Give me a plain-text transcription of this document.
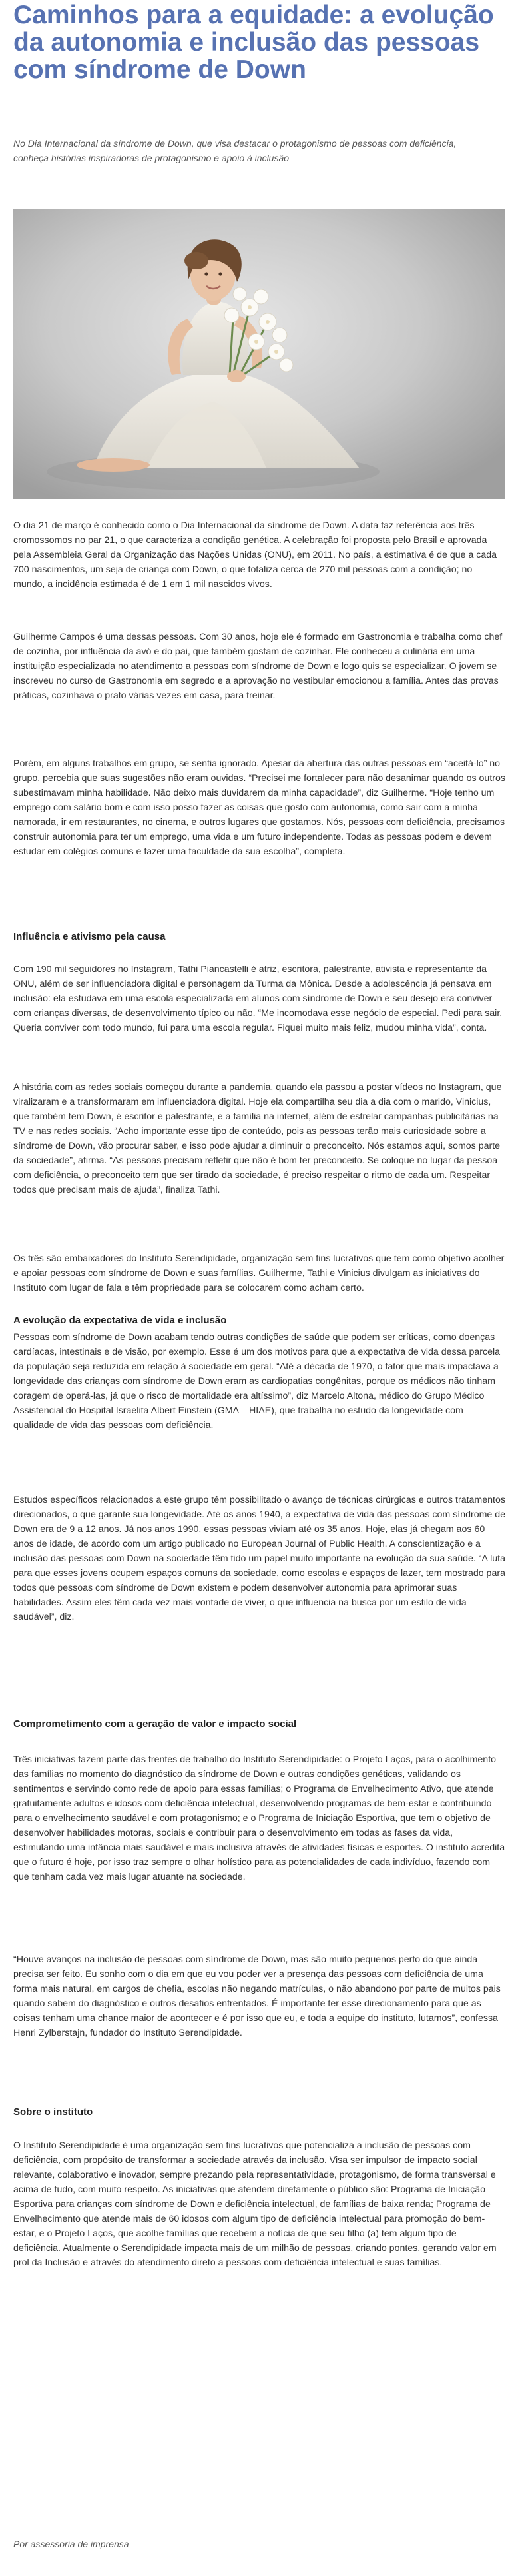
Caminhos para a equidade: a evolução da autonomia e inclusão das pessoas com síndrome de Down

No Dia Internacional da síndrome de Down, que visa destacar o protagonismo de pessoas com deficiência, conheça histórias inspiradoras de protagonismo e apoio à inclusão

O dia 21 de março é conhecido como o Dia Internacional da síndrome de Down. A data faz referência aos três cromossomos no par 21, o que caracteriza a condição genética. A celebração foi proposta pelo Brasil e aprovada pela Assembleia Geral da Organização das Nações Unidas (ONU), em 2011. No país, a estimativa é de que a cada 700 nascimentos, um seja de criança com Down, o que totaliza cerca de 270 mil pessoas com a condição; no mundo, a incidência estimada é de 1 em 1 mil nascidos vivos.

Guilherme Campos é uma dessas pessoas. Com 30 anos, hoje ele é formado em Gastronomia e trabalha como chef de cozinha, por influência da avó e do pai, que também gostam de cozinhar. Ele conheceu a culinária em uma instituição especializada no atendimento a pessoas com síndrome de Down e logo quis se especializar. O jovem se inscreveu no curso de Gastronomia em segredo e a aprovação no vestibular emocionou a família. Antes das provas práticas, cozinhava o prato várias vezes em casa, para treinar.

Porém, em alguns trabalhos em grupo, se sentia ignorado. Apesar da abertura das outras pessoas em “aceitá-lo” no grupo, percebia que suas sugestões não eram ouvidas. “Precisei me fortalecer para não desanimar quando os outros subestimavam minha habilidade. Não deixo mais duvidarem da minha capacidade”, diz Guilherme. “Hoje tenho um emprego com salário bom e com isso posso fazer as coisas que gosto com autonomia, como sair com a minha namorada, ir em restaurantes, no cinema, e outros lugares que gostamos. Nós, pessoas com deficiência, precisamos construir autonomia para ter um emprego, uma vida e um futuro independente. Todas as pessoas podem e devem estudar em colégios comuns e fazer uma faculdade da sua escolha”, completa.

Influência e ativismo pela causa

Com 190 mil seguidores no Instagram, Tathi Piancastelli é atriz, escritora, palestrante, ativista e representante da ONU, além de ser influenciadora digital e personagem da Turma da Mônica. Desde a adolescência já pensava em inclusão: ela estudava em uma escola especializada em alunos com síndrome de Down e seu desejo era conviver com crianças diversas, de desenvolvimento típico ou não. “Me incomodava esse negócio de especial. Pedi para sair. Queria conviver com todo mundo, fui para uma escola regular. Fiquei muito mais feliz, mudou minha vida”, conta.

A história com as redes sociais começou durante a pandemia, quando ela passou a postar vídeos no Instagram, que viralizaram e a transformaram em influenciadora digital. Hoje ela compartilha seu dia a dia com o marido, Vinicius, que também tem Down, é escritor e palestrante, e a família na internet, além de estrelar campanhas publicitárias na TV e nas redes sociais. “Acho importante esse tipo de conteúdo, pois as pessoas terão mais curiosidade sobre a síndrome de Down, vão procurar saber, e isso pode ajudar a diminuir o preconceito. Nós estamos aqui, somos parte da sociedade”, afirma. “As pessoas precisam refletir que não é bom ter preconceito. Se coloque no lugar da pessoa com deficiência, o preconceito tem que ser tirado da sociedade, é preciso respeitar o ritmo de cada um. Respeitar todos que precisam mais de ajuda”, finaliza Tathi.

Os três são embaixadores do Instituto Serendipidade, organização sem fins lucrativos que tem como objetivo acolher e apoiar pessoas com síndrome de Down e suas famílias. Guilherme, Tathi e Vinicius divulgam as iniciativas do Instituto com lugar de fala e têm propriedade para se colocarem como acham certo.

A evolução da expectativa de vida e inclusão

Pessoas com síndrome de Down acabam tendo outras condições de saúde que podem ser críticas, como doenças cardíacas, intestinais e de visão, por exemplo. Esse é um dos motivos para que a expectativa de vida dessa parcela da população seja reduzida em relação à sociedade em geral. “Até a década de 1970, o fator que mais impactava a longevidade das crianças com síndrome de Down eram as cardiopatias congênitas, porque os médicos não tinham coragem de operá-las, já que o risco de mortalidade era altíssimo”, diz Marcelo Altona, médico do Grupo Médico Assistencial do Hospital Israelita Albert Einstein (GMA – HIAE), que trabalha no estudo da longevidade com qualidade de vida das pessoas com deficiência.

Estudos específicos relacionados a este grupo têm possibilitado o avanço de técnicas cirúrgicas e outros tratamentos direcionados, o que garante sua longevidade. Até os anos 1940, a expectativa de vida das pessoas com síndrome de Down era de 9 a 12 anos. Já nos anos 1990, essas pessoas viviam até os 35 anos. Hoje, elas já chegam aos 60 anos de idade, de acordo com um artigo publicado no European Journal of Public Health. A conscientização e a inclusão das pessoas com Down na sociedade têm tido um papel muito importante na evolução da sua saúde. “A luta para que esses jovens ocupem espaços comuns da sociedade, como escolas e espaços de lazer, tem mostrado para todos que pessoas com síndrome de Down existem e podem desenvolver autonomia para aprimorar suas habilidades. Assim eles têm cada vez mais vontade de viver, o que influencia na busca por um estilo de vida saudável”, diz.

Comprometimento com a geração de valor e impacto social

Três iniciativas fazem parte das frentes de trabalho do Instituto Serendipidade: o Projeto Laços, para o acolhimento das famílias no momento do diagnóstico da síndrome de Down e outras condições genéticas, validando os sentimentos e servindo como rede de apoio para essas famílias; o Programa de Envelhecimento Ativo, que atende gratuitamente adultos e idosos com deficiência intelectual, desenvolvendo programas de bem-estar e contribuindo para o envelhecimento saudável e com protagonismo; e o Programa de Iniciação Esportiva, que tem o objetivo de desenvolver habilidades motoras, sociais e contribuir para o desenvolvimento em todas as fases da vida, estimulando uma infância mais saudável e mais inclusiva através de atividades físicas e esportes. O instituto acredita que o futuro é hoje, por isso traz sempre o olhar holístico para as potencialidades de cada indivíduo, fazendo com que tenham cada vez mais lugar atuante na sociedade.

“Houve avanços na inclusão de pessoas com síndrome de Down, mas são muito pequenos perto do que ainda precisa ser feito. Eu sonho com o dia em que eu vou poder ver a presença das pessoas com deficiência de uma forma mais natural, em cargos de chefia, escolas não negando matrículas, o não abandono por parte de muitos pais quando sabem do diagnóstico e outros desafios enfrentados. É importante ter esse direcionamento para que as coisas tenham uma chance maior de acontecer e é por isso que eu, e toda a equipe do instituto, lutamos”, confessa Henri Zylberstajn, fundador do Instituto Serendipidade.

Sobre o instituto

O Instituto Serendipidade é uma organização sem fins lucrativos que potencializa a inclusão de pessoas com deficiência, com propósito de transformar a sociedade através da inclusão. Visa ser impulsor de impacto social relevante, colaborativo e inovador, sempre prezando pela representatividade, protagonismo, de forma transversal e acima de tudo, com muito respeito. As iniciativas que atendem diretamente o público são: Programa de Iniciação Esportiva para crianças com síndrome de Down e deficiência intelectual, de famílias de baixa renda; Programa de Envelhecimento que atende mais de 60 idosos com algum tipo de deficiência intelectual para promoção do bem-estar, e o Projeto Laços, que acolhe famílias que recebem a notícia de que seu filho (a) tem algum tipo de deficiência. Atualmente o Serendipidade impacta mais de um milhão de pessoas, criando pontes, gerando valor em prol da Inclusão e através do atendimento direto a pessoas com deficiência intelectual e suas famílias.

Por assessoria de imprensa
